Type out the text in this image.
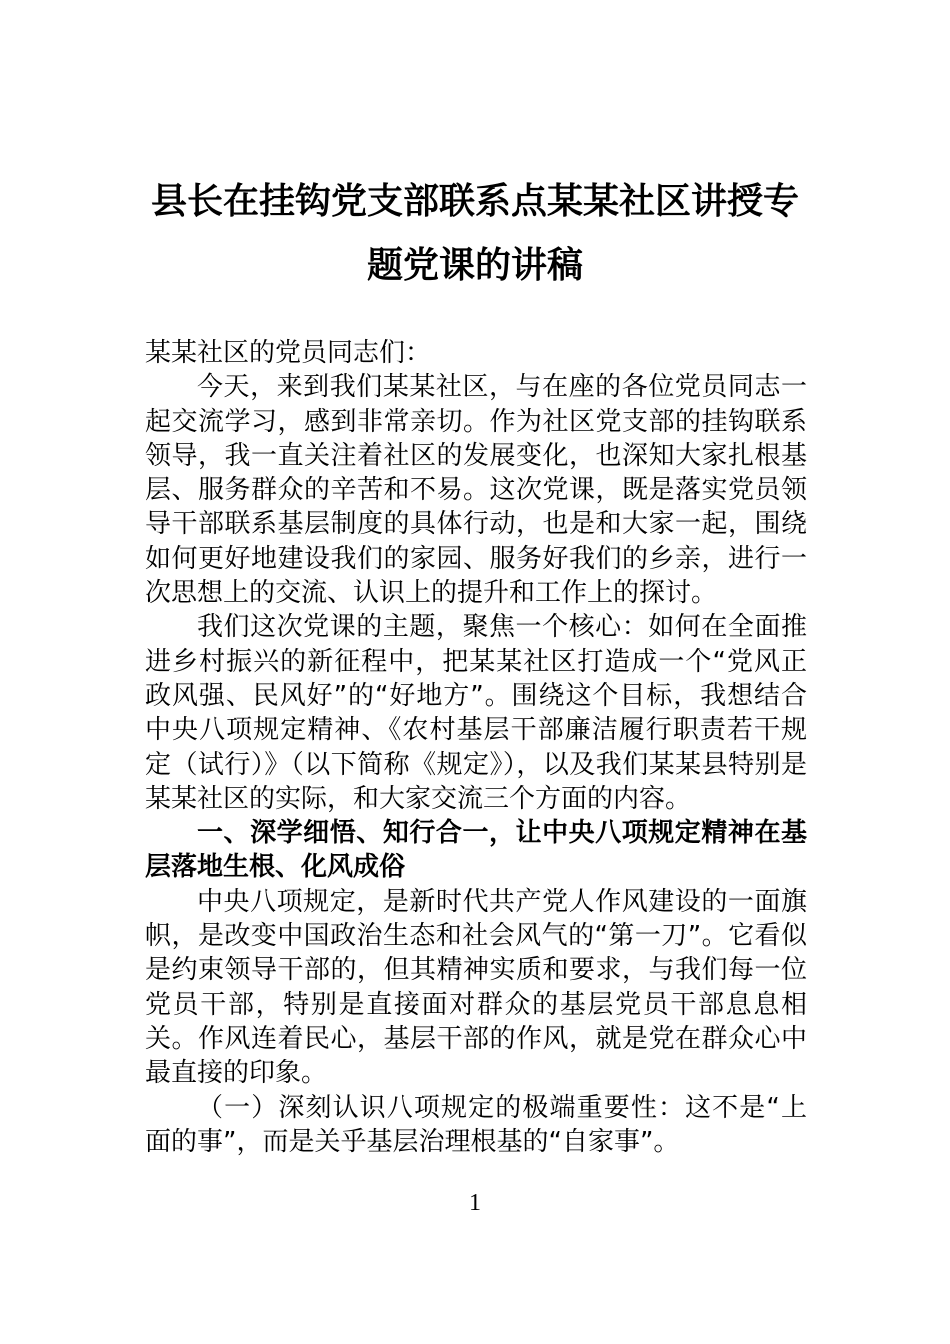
县长在挂钩党支部联系点某某社区讲授专
题党课的讲稿

某某社区的党员同志们：

今天，来到我们某某社区，与在座的各位党员同志一起交流学习，感到非常亲切。作为社区党支部的挂钩联系领导，我一直关注着社区的发展变化，也深知大家扎根基层、服务群众的辛苦和不易。这次党课，既是落实党员领导干部联系基层制度的具体行动，也是和大家一起，围绕如何更好地建设我们的家园、服务好我们的乡亲，进行一次思想上的交流、认识上的提升和工作上的探讨。

我们这次党课的主题，聚焦一个核心：如何在全面推进乡村振兴的新征程中，把某某社区打造成一个“党风正政风强、民风好”的“好地方”。围绕这个目标，我想结合中央八项规定精神、《农村基层干部廉洁履行职责若干规定（试行）》（以下简称《规定》），以及我们某某县特别是某某社区的实际，和大家交流三个方面的内容。

一、深学细悟、知行合一，让中央八项规定精神在基层落地生根、化风成俗

中央八项规定，是新时代共产党人作风建设的一面旗帜，是改变中国政治生态和社会风气的“第一刀”。它看似是约束领导干部的，但其精神实质和要求，与我们每一位党员干部，特别是直接面对群众的基层党员干部息息相关。作风连着民心，基层干部的作风，就是党在群众心中最直接的印象。

（一）深刻认识八项规定的极端重要性：这不是“上面的事”，而是关乎基层治理根基的“自家事”。

1
